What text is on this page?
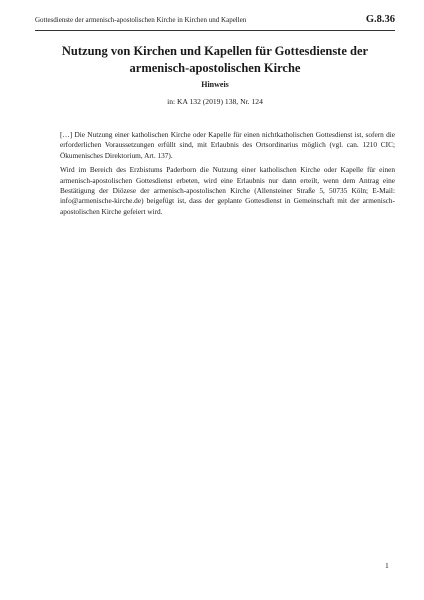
Gottesdienste der armenisch-apostolischen Kirche in Kirchen und Kapellen	G.8.36
Nutzung von Kirchen und Kapellen für Gottesdienste der
armenisch-apostolischen Kirche
Hinweis

in: KA 132 (2019) 138, Nr. 124

[…] Die Nutzung einer katholischen Kirche oder Kapelle für einen nichtkatholischen Gottesdienst ist, sofern die erforderlichen Voraussetzungen erfüllt sind, mit Erlaubnis des Ortsordinarius möglich (vgl. can. 1210 CIC; Ökumenisches Direktorium, Art. 137).

Wird im Bereich des Erzbistums Paderborn die Nutzung einer katholischen Kirche oder Kapelle für einen armenisch-apostolischen Gottesdienst erbeten, wird eine Erlaubnis nur dann erteilt, wenn dem Antrag eine Bestätigung der Diözese der armenisch-apostolischen Kirche (Allensteiner Straße 5, 50735 Köln; E-Mail: info@armenische-kirche.de) beigefügt ist, dass der geplante Gottesdienst in Gemeinschaft mit der armenisch-apostolischen Kirche gefeiert wird.

1
